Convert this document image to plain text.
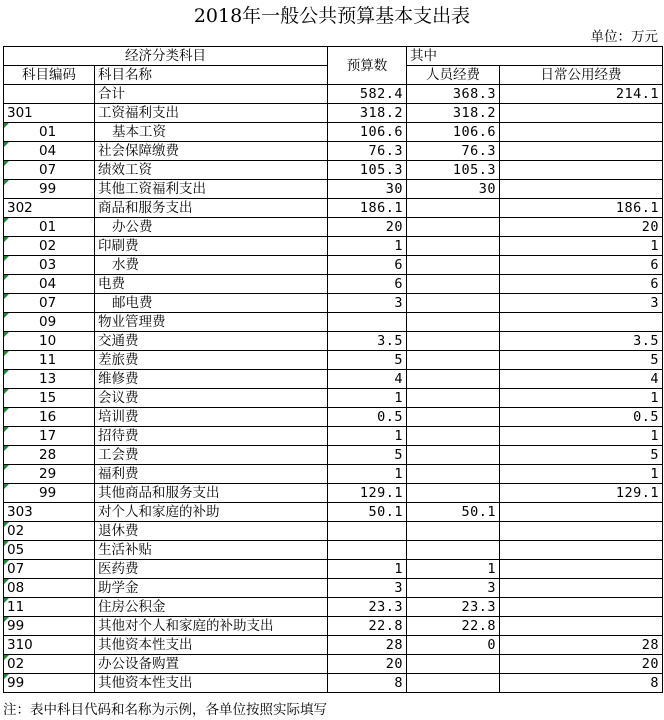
2018年一般公共预算基本支出表
单位：万元
经济分类科目		预算数	其中	
科目编码	科目名称		人员经费	日常公用经费
	合计	582.4	368.3	214.1
301	工资福利支出	318.2	318.2	
01	基本工资	106.6	106.6	
04	社会保障缴费	76.3	76.3	
07	绩效工资	105.3	105.3	
99	其他工资福利支出	30	30	
302	商品和服务支出	186.1		186.1
01	办公费	20		20
02	印刷费	1		1
03	水费	6		6
04	电费	6		6
07	邮电费	3		3
09	物业管理费			
10	交通费	3.5		3.5
11	差旅费	5		5
13	维修费	4		4
15	会议费	1		1
16	培训费	0.5		0.5
17	招待费	1		1
28	工会费	5		5
29	福利费	1		1
99	其他商品和服务支出	129.1		129.1
303	对个人和家庭的补助	50.1	50.1	
02	退休费			
05	生活补贴			
07	医药费	1	1	
08	助学金	3	3	
11	住房公积金	23.3	23.3	
99	其他对个人和家庭的补助支出	22.8	22.8	
310	其他资本性支出	28	0	28
02	办公设备购置	20		20
99	其他资本性支出	8		8
注：表中科目代码和名称为示例，各单位按照实际填写
